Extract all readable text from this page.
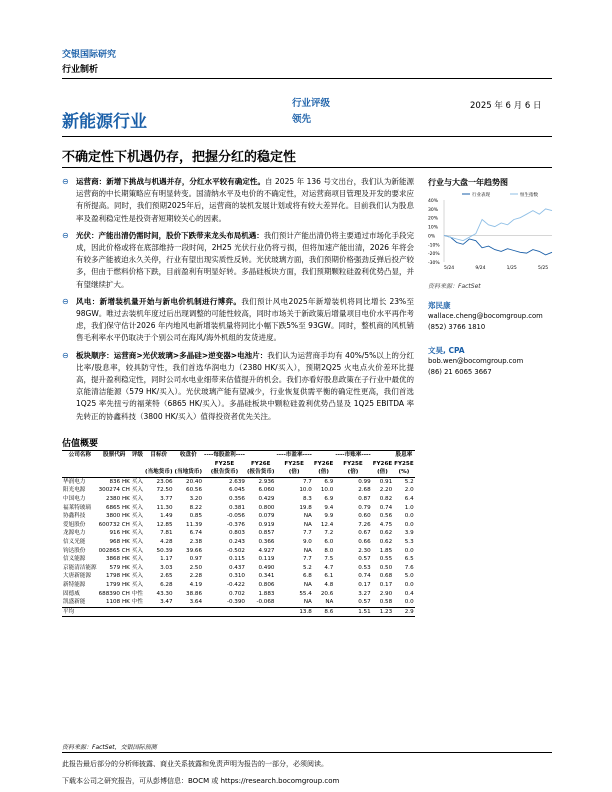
交银国际研究
行业制析
新能源行业
行业评级
领先
2025 年 6 月 6 日
不确定性下机遇仍存，把握分红的稳定性
⊖ 运营商：新增下挑战与机遇并存，分红水平较有确定性。自 2025 年 136 号文出台，我们认为新能源运营商的中长期策略应有明显转变。国清纳水平及电价的不确定性，对运营商项目管理及开发的要求应有所提高。同时，我们预期2025年后，运营商的装机发展计划或将有较大差异化。目前我们认为股息率及盈利稳定性是投资者短期较关心的因素。
⊖ 光伏：产能出清仍需时间，股价下跌带来龙头布局机遇：我们预计产能出清仍将主要通过市场化手段完成，因此价格或将在底部维持一段时间，2H25 光伏行业仍将亏损，但将加速产能出清，2026 年将会有较多产能被迫永久关停，行业有望出现实质性反转。光伏玻璃方面，我们预期价格强劲反弹后投产较多，但由于燃料价格下跌，目前盈利有明显好转。多晶硅板块方面，我们预期颗粒硅盈利优势凸显，并有望继续扩大。
⊖ 风电：新增装机量开始与新电价机制进行博弈。我们预计风电2025年新增装机将同比增长 23%至 98GW。唯过去装机年度过后出现调整的可能性较高，同时市场关于新政策后增量项目电价水平再作考虑，我们保守估计2026 年内地风电新增装机量将同比小幅下跌5%至 93GW。同时，整机商的风机销售毛利率水平仍取决于个别公司在海风/海外机组的发货进度。
⊖ 板块顺序：运营商>光伏玻璃>多晶硅>逆变器>电池片：我们认为运营商手均有 40%/5%以上的分红比率/股息率，较具防守性，我们首选华润电力（2380 HK/买入），预期2Q25 火电点火价差环比提高，提升盈利稳定性，同时公司水电业细带来估值提升的机会。我们亦看好股息政策在子行业中最优的京能清洁能源（579 HK/买入）。光伏玻璃产能有望减少，行业恢复供需平衡的确定性更高，我们首选 1Q25 率先扭亏的福莱特（6865 HK/买入）。多晶硅板块中颗粒硅盈利优势凸显及 1Q25 EBITDA 率先转正的协鑫科技（3800 HK/买入）值得投资者优先关注。
行业与大盘一年趋势图
40%
30%
20%
10%
0%
-10%
-20%
-30%
5/24	9/24	1/25	5/25
行业表现	恒生指数
资料来源：FactSet
郑民康
wallace.cheng@bocomgroup.com
(852) 3766 1810
文昊, CPA
bob.wen@bocomgroup.com
(86) 21 6065 3667
估值概要
公司名称	股票代码	评级	目标价	收盘价	----每股盈利----		----市盈率----		----市账率----		股息率
					FY25E	FY26E	FY25E	FY26E	FY25E	FY26E	FY25E
			(当地货币)	(当地货币)	(报告货币)	(报告货币)	(倍)	(倍)	(倍)	(倍)	(%)
华润电力	836 HK	买入	23.06	20.40	2.639	2.936	7.7	6.9	0.99	0.91	5.2
阳光电源	300274 CH	买入	72.50	60.56	6.045	6.060	10.0	10.0	2.68	2.20	2.0
中国电力	2380 HK	买入	3.77	3.20	0.356	0.429	8.3	6.9	0.87	0.82	6.4
福莱特玻璃	6865 HK	买入	11.30	8.22	0.381	0.800	19.8	9.4	0.79	0.74	1.0
协鑫科技	3800 HK	买入	1.49	0.85	-0.056	0.079	NA	9.9	0.60	0.56	0.0
爱旭股份	600732 CH	买入	12.85	11.39	-0.376	0.919	NA	12.4	7.26	4.75	0.0
龙源电力	916 HK	买入	7.81	6.74	0.803	0.857	7.7	7.2	0.67	0.62	3.9
信义光能	968 HK	买入	4.28	2.38	0.243	0.366	9.0	6.0	0.66	0.62	5.3
钧达股份	002865 CH	买入	50.39	39.66	-0.502	4.927	NA	8.0	2.30	1.85	0.0
信义能源	3868 HK	买入	1.17	0.97	0.115	0.119	7.7	7.5	0.57	0.55	6.5
京能清洁能源	579 HK	买入	3.03	2.50	0.437	0.490	5.2	4.7	0.53	0.50	7.6
大唐新能源	1798 HK	买入	2.65	2.28	0.310	0.341	6.8	6.1	0.74	0.68	5.0
新特能源	1799 HK	买入	6.28	4.19	-0.422	0.806	NA	4.8	0.17	0.17	0.0
固德威	688390 CH	中性	43.30	38.86	0.702	1.883	55.4	20.6	3.27	2.90	0.4
凯盛新能	1108 HK	中性	3.47	3.64	-0.390	-0.068	NA	NA	0.57	0.58	0.0
平均							13.8	8.6	1.51	1.23	2.9
资料来源：FactSet，交银国际预测
此报告最后部分的分析师披露、商业关系披露和免责声明为报告的一部分，必须阅读。
下载本公司之研究报告，可从彭博信息：BOCM 或 https://research.bocomgroup.com
